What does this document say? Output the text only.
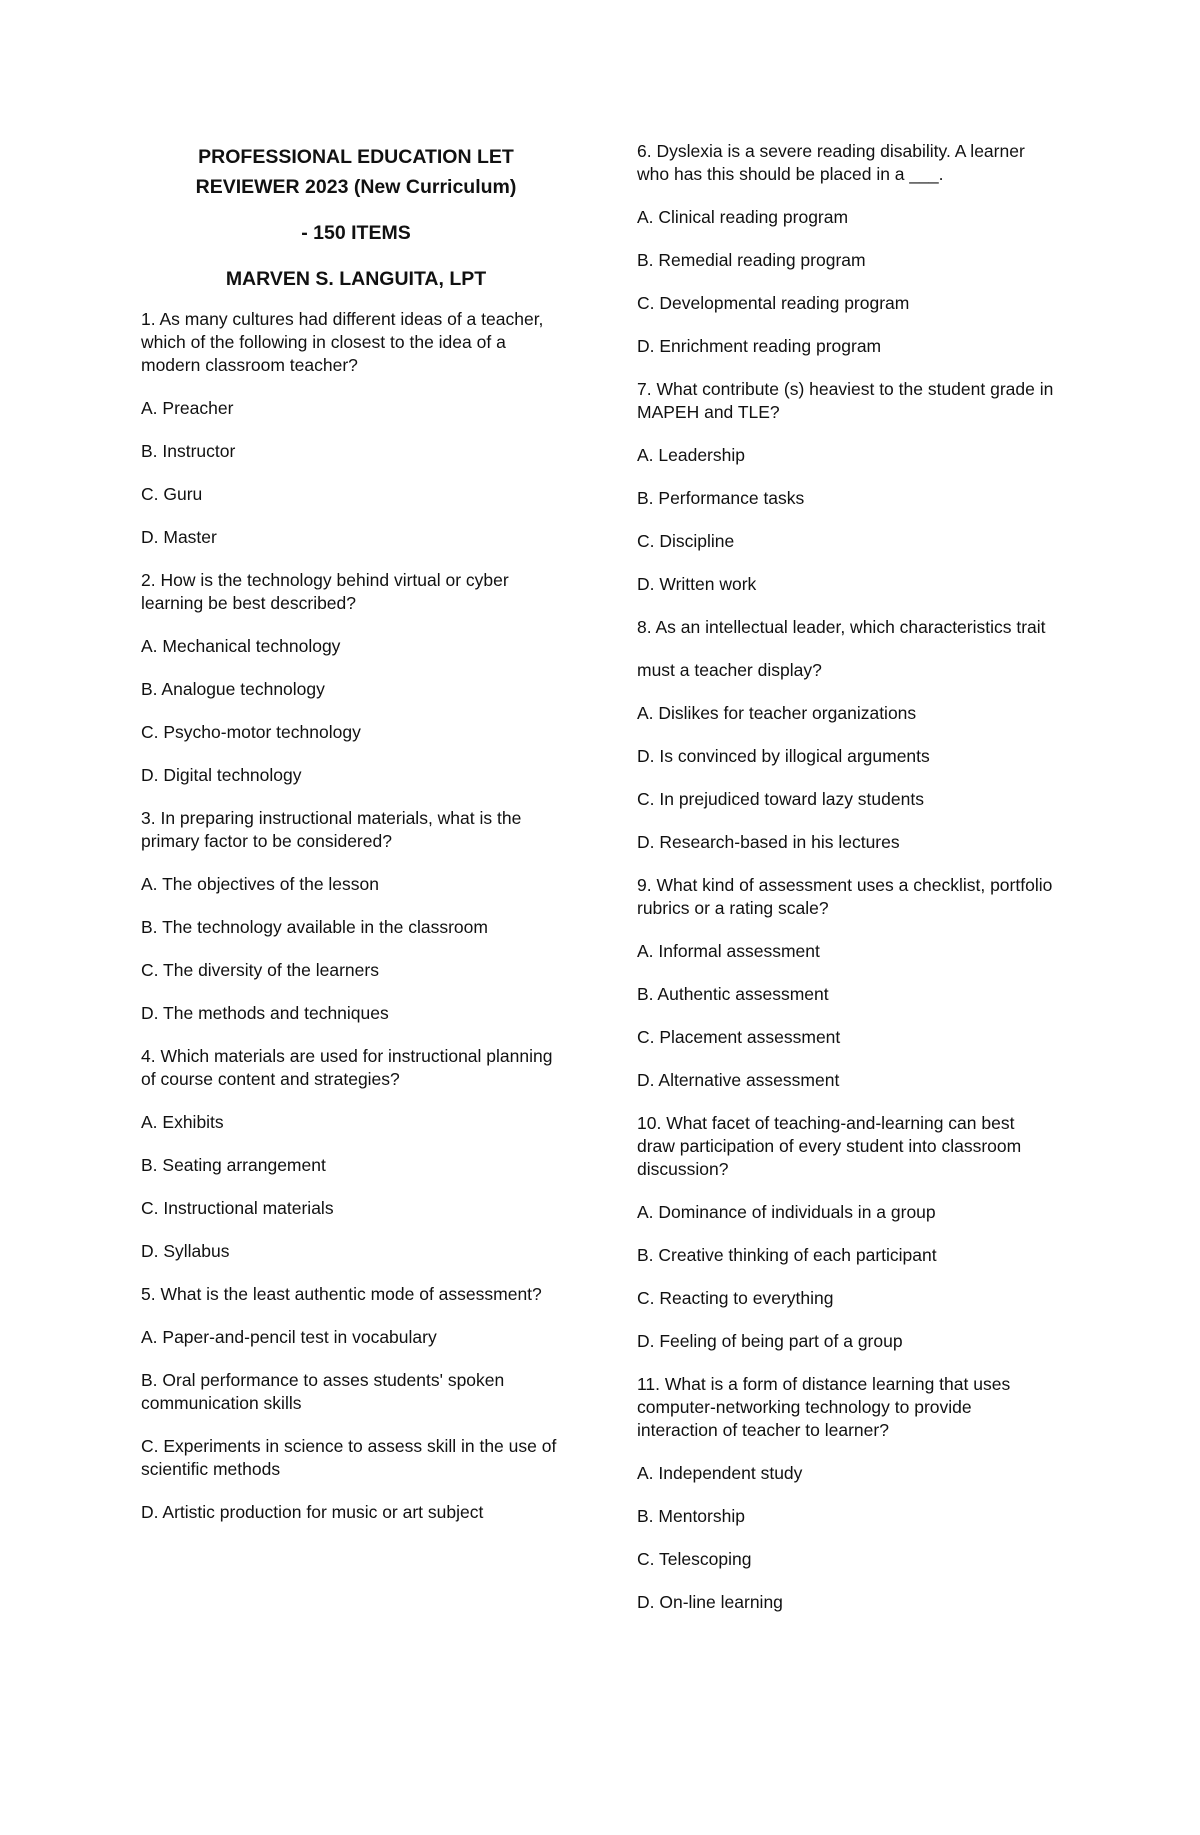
PROFESSIONAL EDUCATION LET

REVIEWER 2023 (New Curriculum)

- 150 ITEMS

MARVEN S. LANGUITA, LPT

1. As many cultures had different ideas of a teacher,

which of the following in closest to the idea of a

modern classroom teacher?

A. Preacher

B. Instructor

C. Guru

D. Master

2. How is the technology behind virtual or cyber

learning be best described?

A. Mechanical technology

B. Analogue technology

C. Psycho-motor technology

D. Digital technology

3. In preparing instructional materials, what is the

primary factor to be considered?

A. The objectives of the lesson

B. The technology available in the classroom

C. The diversity of the learners

D. The methods and techniques

4. Which materials are used for instructional planning

of course content and strategies?

A. Exhibits

B. Seating arrangement

C. Instructional materials

D. Syllabus

5. What is the least authentic mode of assessment?

A. Paper-and-pencil test in vocabulary

B. Oral performance to asses students' spoken

communication skills

C. Experiments in science to assess skill in the use of

scientific methods

D. Artistic production for music or art subject

6. Dyslexia is a severe reading disability. A learner

who has this should be placed in a ___.

A. Clinical reading program

B. Remedial reading program

C. Developmental reading program

D. Enrichment reading program

7. What contribute (s) heaviest to the student grade in

MAPEH and TLE?

A. Leadership

B. Performance tasks

C. Discipline

D. Written work

8. As an intellectual leader, which characteristics trait

must a teacher display?

A. Dislikes for teacher organizations

D. Is convinced by illogical arguments

C. In prejudiced toward lazy students

D. Research-based in his lectures

9. What kind of assessment uses a checklist, portfolio

rubrics or a rating scale?

A. Informal assessment

B. Authentic assessment

C. Placement assessment

D. Alternative assessment

10. What facet of teaching-and-learning can best

draw participation of every student into classroom

discussion?

A. Dominance of individuals in a group

B. Creative thinking of each participant

C. Reacting to everything

D. Feeling of being part of a group

11. What is a form of distance learning that uses

computer-networking technology to provide

interaction of teacher to learner?

A. Independent study

B. Mentorship

C. Telescoping

D. On-line learning
